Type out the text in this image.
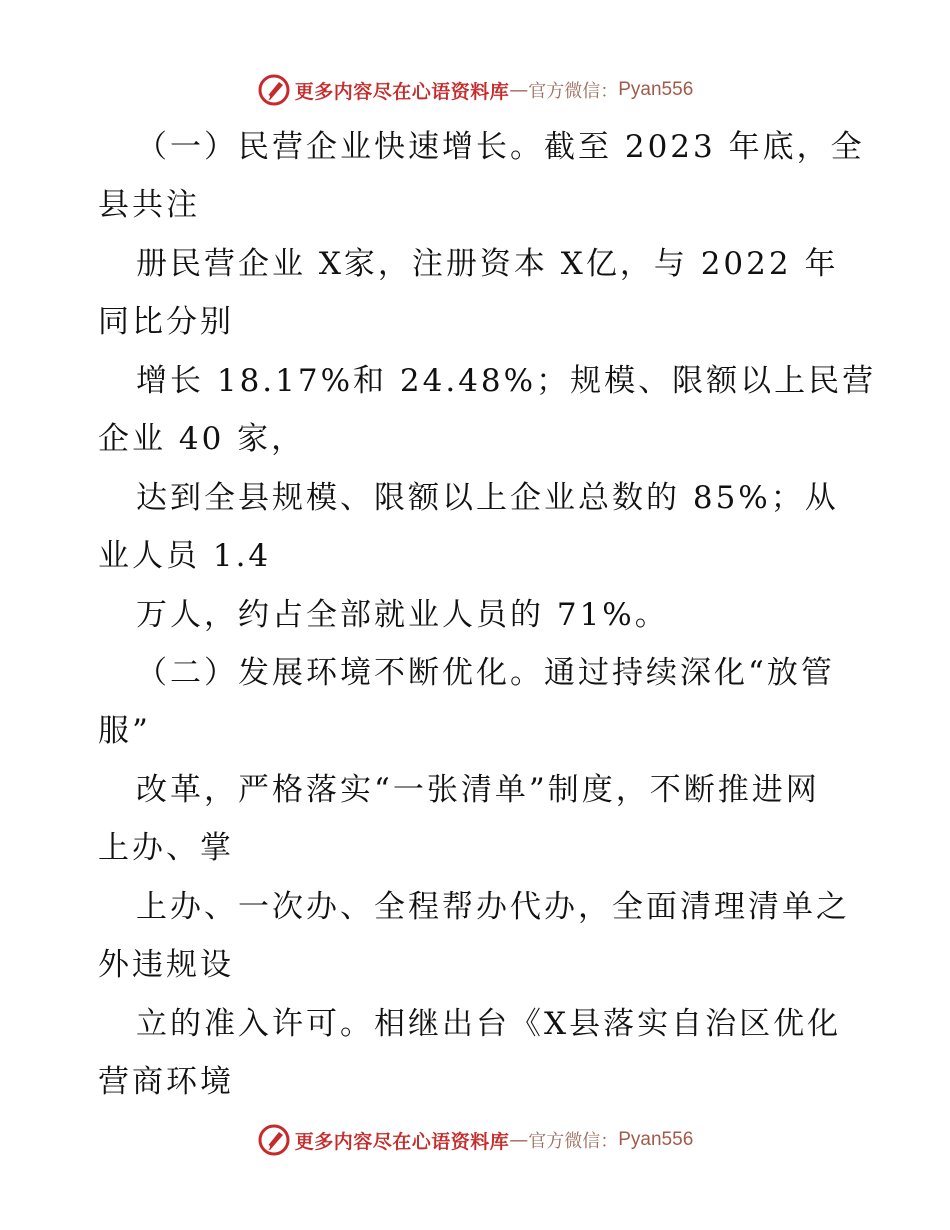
更多内容尽在心语资料库 — 官方微信： Pyan556
（一）民营企业快速增长。截至 2023 年底，全
县共注
册民营企业 X家，注册资本 X亿，与 2022 年
同比分别
增长 18.17%和 24.48%；规模、限额以上民营
企业 40 家，
达到全县规模、限额以上企业总数的 85%；从
业人员 1.4
万人，约占全部就业人员的 71%。
（二）发展环境不断优化。通过持续深化“放管
服”
改革，严格落实“一张清单”制度，不断推进网
上办、掌
上办、一次办、全程帮办代办，全面清理清单之
外违规设
立的准入许可。相继出台《X县落实自治区优化
营商环境
更多内容尽在心语资料库 — 官方微信： Pyan556
